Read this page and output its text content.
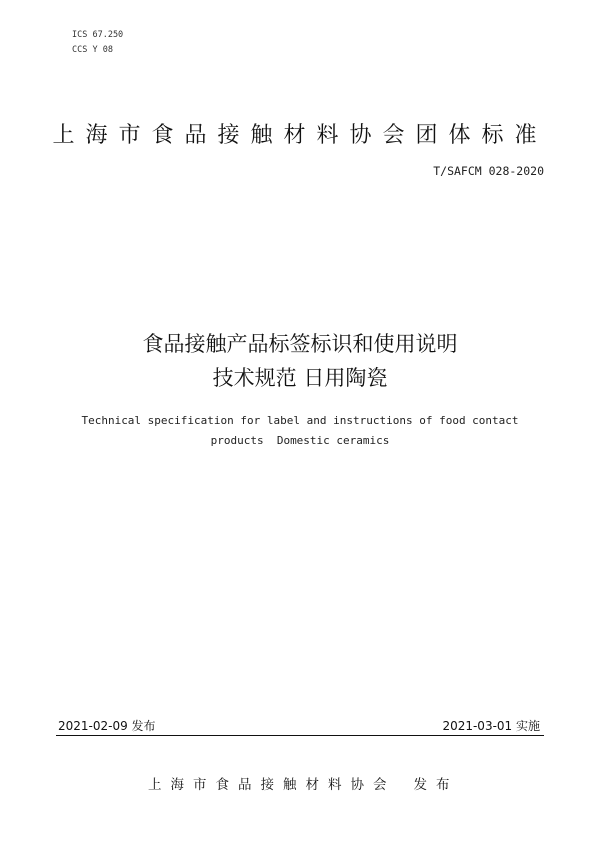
ICS 67.250
CCS Y 08
上海市食品接触材料协会团体标准
T/SAFCM 028-2020
食品接触产品标签标识和使用说明
技术规范 日用陶瓷
Technical specification for label and instructions of food contact
products  Domestic ceramics
2021-02-09 发布	2021-03-01 实施
上海市食品接触材料协会 发布
